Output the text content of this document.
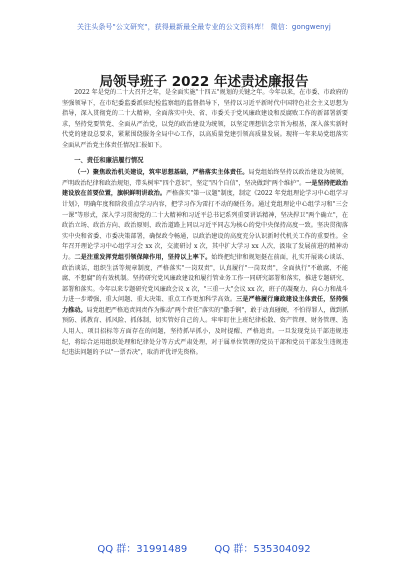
关注头条号"公文研究"，获得最新最全最专业的公文资料库！ 微信：gongwenyj
局领导班子 2022 年述责述廉报告

2022 年是党的二十大召开之年，是全面实施"十四五"规划的关键之年。今年以来，在市委、市政府的坚强领导下，在市纪委监委派驻纪检监察组的监督指导下，坚持以习近平新时代中国特色社会主义思想为指导，深入贯彻党的二十大精神，全面落实中央、省、市委关于党风廉政建设和反腐败工作的新部署新要求，坚持党要管党、全面从严治党，以党的政治建设为统领，以坚定理想信念宗旨为根基，深入落实新时代党的建设总要求，紧紧围绕服务全局中心工作，以高质量党建引领高质量发展。现将一年来局党组落实全面从严治党主体责任情况汇报如下。

一、责任和廉洁履行情况

（一）聚焦政治机关建设，筑牢思想基础，严格落实主体责任。局党组始终坚持以政治建设为统领，严明政治纪律和政治规矩，带头树牢"四个意识"，坚定"四个自信"，坚决做到"两个维护"。一是坚持把政治建设放在首要位置，旗帜鲜明讲政治。严格落实"第一议题"制度，制定《2022 年党组理论学习中心组学习计划》，明确年度和阶段重点学习内容，把学习作为雷打不动的硬任务。通过党组理论中心组学习和"三会一课"等形式，深入学习贯彻党的二十大精神和习近平总书记系列重要讲话精神，坚决捍卫"两个确立"，在政治立场、政治方向、政治原则、政治道路上同以习近平同志为核心的党中央保持高度一致。坚决贯彻落实中央和省委、市委决策部署，确保政令畅通，以政治建设的高度充分认识新时代机关工作的重要性。全年召开理论学习中心组学习会 xx 次，交流研讨 x 次，其中扩大学习 xx 人次，汲取了发展前进的精神动力。二是注重发挥党组引领保障作用，坚持以上率下。始终把纪律和规矩挺在前面，扎实开展谈心谈话、政治谈话，组织生活等规章制度，严格落实"一岗双责"，认真履行"一岗双责"，全面执行"不敢腐、不能腐、不想腐"的有效机制。坚持研究党风廉政建设和履行管业务工作一同研究部署和落实，推进专题研究、部署和落实。今年以来专题研究党风廉政会议 x 次，"三重一大"会议 xx 次，班子的凝聚力、向心力和战斗力进一步增强，重大问题、重大决策、重点工作更加科学高效。三是严格履行廉政建设主体责任，坚持强力推动。局党组把严格追责问责作为推动"两个责任"落实的"撒手锏"，敢于动真碰硬，不怕得罪人，做到抓预防、抓教育、抓风险、抓体制，切实管好自己的人。牢牢盯住上班纪律松散、资产管理、财务管理、选人用人、项目招标等方面存在的问题，坚持抓早抓小，及时提醒、严格追责。一旦发现党员干部违规违纪，将综合运用组织处理和纪律处分等方式严肃处理，对于属单位管理的党员干部和党员干部发生违规违纪违法问题的予以"一票否决"，取消评优评先资格。

QQ 群：31991489	QQ 群：535304092
